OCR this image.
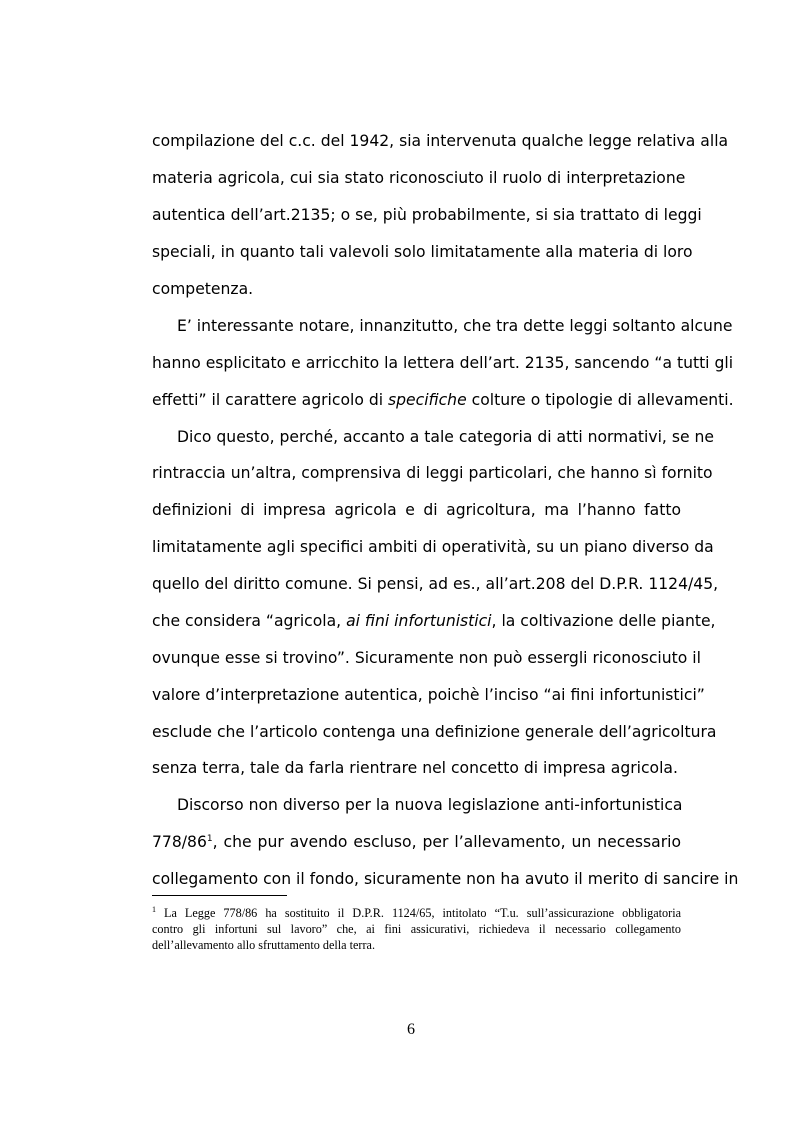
compilazione del c.c. del 1942, sia intervenuta qualche legge relativa alla
materia agricola, cui sia stato riconosciuto il ruolo di interpretazione
autentica dell’art.2135; o se, più probabilmente, si sia trattato di leggi
speciali, in quanto tali valevoli solo limitatamente alla materia di loro
competenza.
E’ interessante notare, innanzitutto, che tra dette leggi soltanto alcune
hanno esplicitato e arricchito la lettera dell’art. 2135, sancendo “a tutti gli
effetti” il carattere agricolo di specifiche colture o tipologie di allevamenti.
Dico questo, perché, accanto a tale categoria di atti normativi, se ne
rintraccia un’altra, comprensiva di leggi particolari, che hanno sì fornito
definizioni di impresa agricola e di agricoltura, ma l’hanno fatto
limitatamente agli specifici ambiti di operatività, su un piano diverso da
quello del diritto comune. Si pensi, ad es., all’art.208 del D.P.R. 1124/45,
che considera “agricola, ai fini infortunistici, la coltivazione delle piante,
ovunque esse si trovino”. Sicuramente non può essergli riconosciuto il
valore d’interpretazione autentica, poichè l’inciso “ai fini infortunistici”
esclude che l’articolo contenga una definizione generale dell’agricoltura
senza terra, tale da farla rientrare nel concetto di impresa agricola.
Discorso non diverso per la nuova legislazione anti-infortunistica
$778/86^1$, che pur avendo escluso, per l’allevamento, un necessario
collegamento con il fondo, sicuramente non ha avuto il merito di sancire in
$^1$ La Legge 778/86 ha sostituito il D.P.R. 1124/65, intitolato “T.u. sull’assicurazione obbligatoria
contro gli infortuni sul lavoro” che, ai fini assicurativi, richiedeva il necessario collegamento
dell’allevamento allo sfruttamento della terra.
6
